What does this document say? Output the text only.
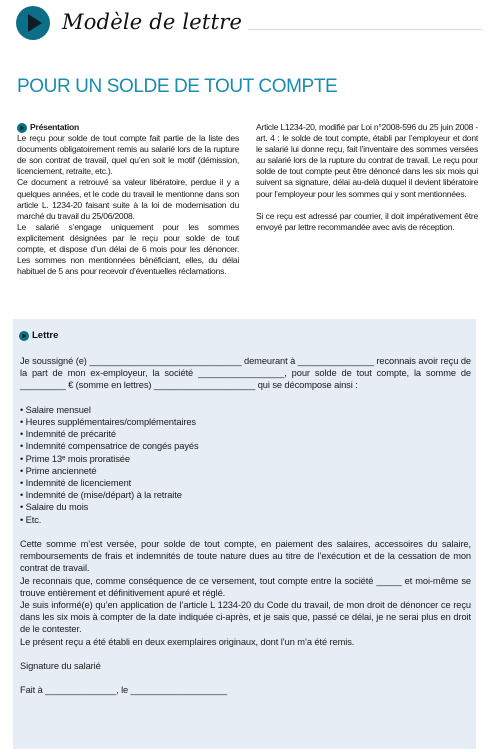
Modèle de lettre
POUR UN SOLDE DE TOUT COMPTE
Présentation

Le reçu pour solde de tout compte fait partie de la liste des documents obligatoirement remis au salarié lors de la rupture de son contrat de travail, quel qu’en soit le motif (démission, licenciement, retraite, etc.).

Ce document a retrouvé sa valeur libératoire, perdue il y a quelques années, et le code du travail le mentionne dans son article L. 1234-20 faisant suite à la loi de modernisation du marché du travail du 25/06/2008.

Le salarié s’engage uniquement pour les sommes explicitement désignées par le reçu pour solde de tout compte, et dispose d’un délai de 6 mois pour les dénoncer. Les sommes non mentionnées bénéficiant, elles, du délai habituel de 5 ans pour recevoir d’éventuelles réclamations.

Article L1234-20, modifié par Loi n°2008-596 du 25 juin 2008 - art. 4 : le solde de tout compte, établi par l’employeur et dont le salarié lui donne reçu, fait l’inventaire des sommes versées au salarié lors de la rupture du contrat de travail. Le reçu pour solde de tout compte peut être dénoncé dans les six mois qui suivent sa signature, délai au-delà duquel il devient libératoire pour l’employeur pour les sommes qui y sont mentionnées.

Si ce reçu est adressé par courrier, il doit impérativement être envoyé par lettre recommandée avec avis de réception.

Lettre

Je soussigné (e) ______________________________ demeurant à _______________ reconnais avoir reçu de la part de mon ex-employeur, la société _________________, pour solde de tout compte, la somme de _________ € (somme en lettres) ____________________ qui se décompose ainsi :

• Salaire mensuel
• Heures supplémentaires/complémentaires
• Indemnité de précarité
• Indemnité compensatrice de congés payés
• Prime 13ᵉ mois proratisée
• Prime ancienneté
• Indemnité de licenciement
• Indemnité de (mise/départ) à la retraite
• Salaire du mois
• Etc.

Cette somme m’est versée, pour solde de tout compte, en paiement des salaires, accessoires du salaire, remboursements de frais et indemnités de toute nature dues au titre de l’exécution et de la cessation de mon contrat de travail.

Je reconnais que, comme conséquence de ce versement, tout compte entre la société _____ et moi-même se trouve entièrement et définitivement apuré et réglé.

Je suis informé(e) qu’en application de l’article L 1234-20 du Code du travail, de mon droit de dénoncer ce reçu dans les six mois à compter de la date indiquée ci-après, et je sais que, passé ce délai, je ne serai plus en droit de le contester.

Le présent reçu a été établi en deux exemplaires originaux, dont l’un m’a été remis.

Signature du salarié

Fait à ______________, le ___________________
